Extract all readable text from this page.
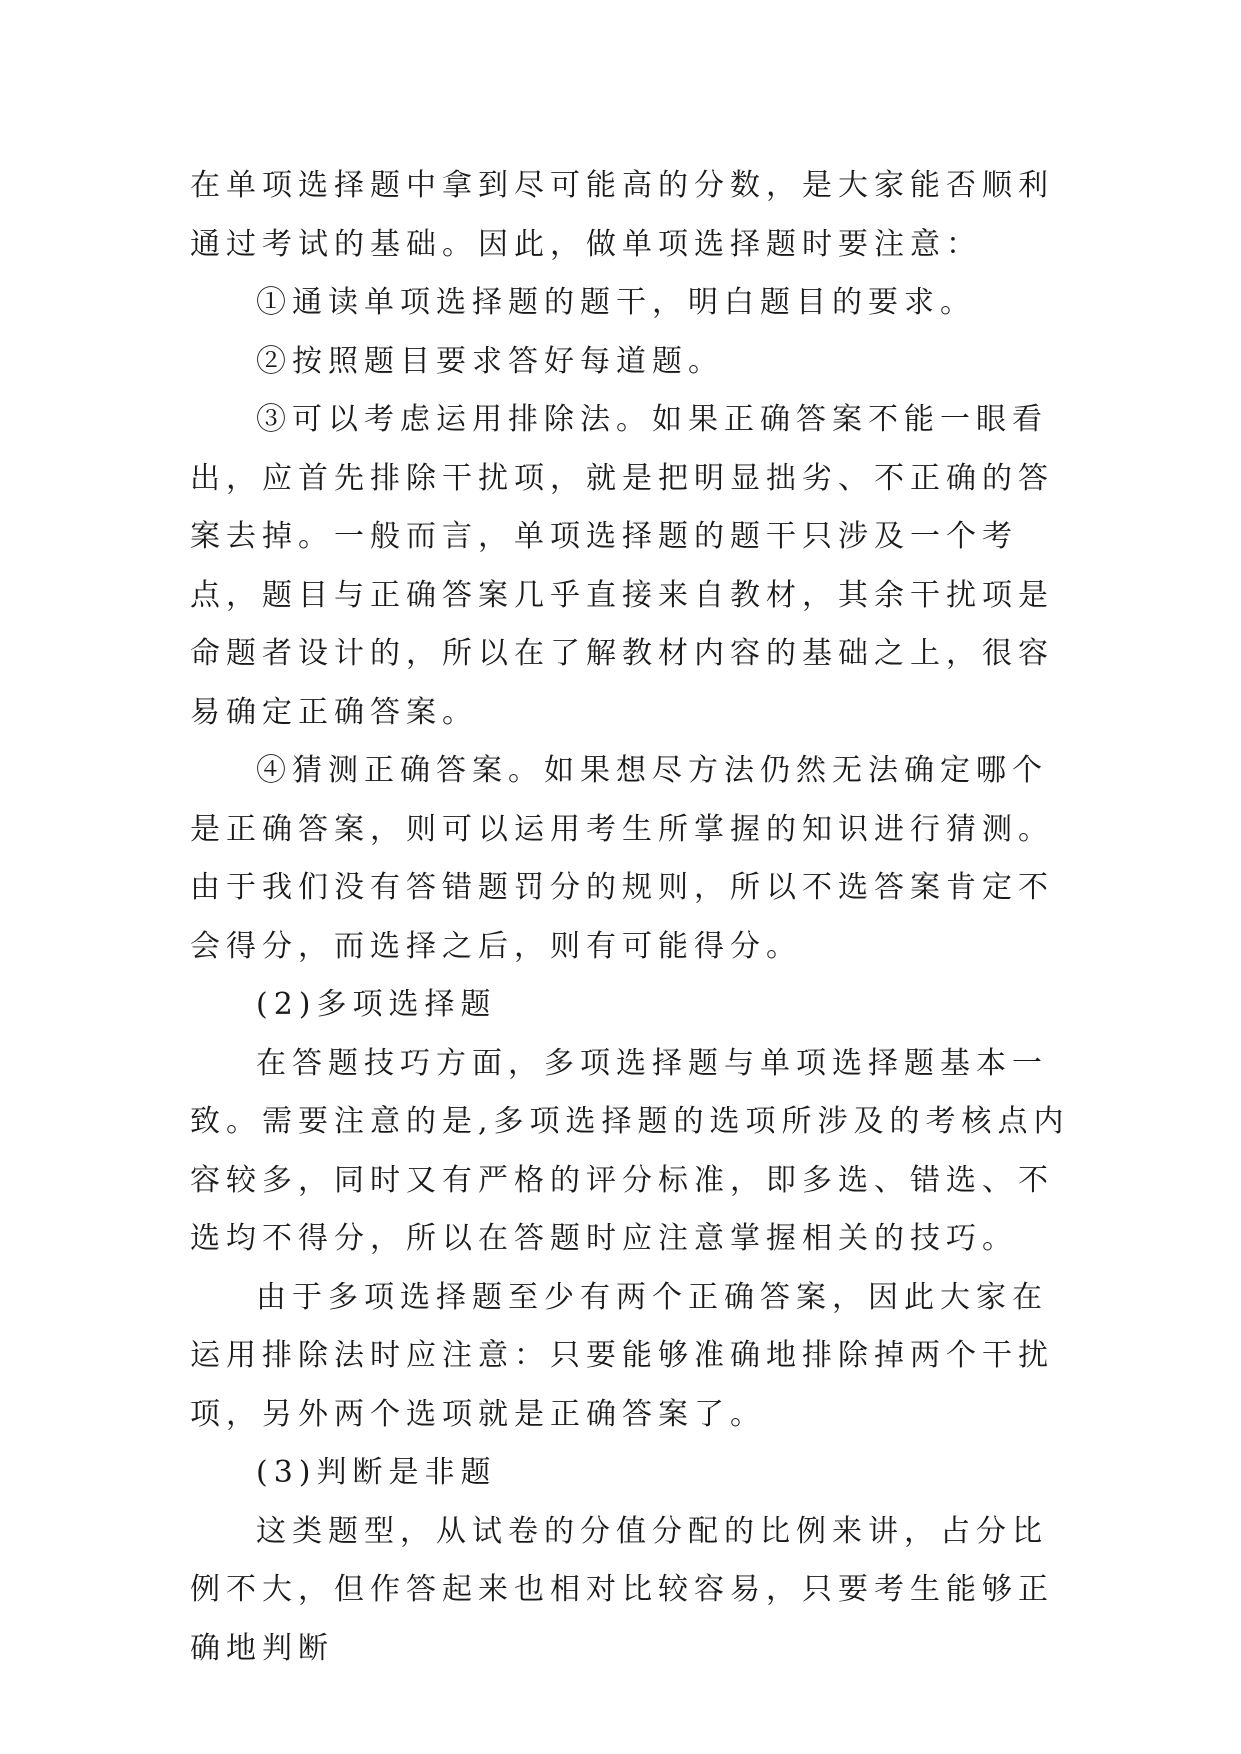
在单项选择题中拿到尽可能高的分数，是大家能否顺利通过考试的基础。因此，做单项选择题时要注意：

①通读单项选择题的题干，明白题目的要求。

②按照题目要求答好每道题。

③可以考虑运用排除法。如果正确答案不能一眼看出，应首先排除干扰项，就是把明显拙劣、不正确的答案去掉。一般而言，单项选择题的题干只涉及一个考点，题目与正确答案几乎直接来自教材，其余干扰项是命题者设计的，所以在了解教材内容的基础之上，很容易确定正确答案。

④猜测正确答案。如果想尽方法仍然无法确定哪个是正确答案，则可以运用考生所掌握的知识进行猜测。由于我们没有答错题罚分的规则，所以不选答案肯定不会得分，而选择之后，则有可能得分。

(2)多项选择题

在答题技巧方面，多项选择题与单项选择题基本一致。需要注意的是,多项选择题的选项所涉及的考核点内容较多，同时又有严格的评分标准，即多选、错选、不选均不得分，所以在答题时应注意掌握相关的技巧。

由于多项选择题至少有两个正确答案，因此大家在运用排除法时应注意：只要能够准确地排除掉两个干扰项，另外两个选项就是正确答案了。

(3)判断是非题

这类题型，从试卷的分值分配的比例来讲，占分比例不大，但作答起来也相对比较容易，只要考生能够正确地判断
